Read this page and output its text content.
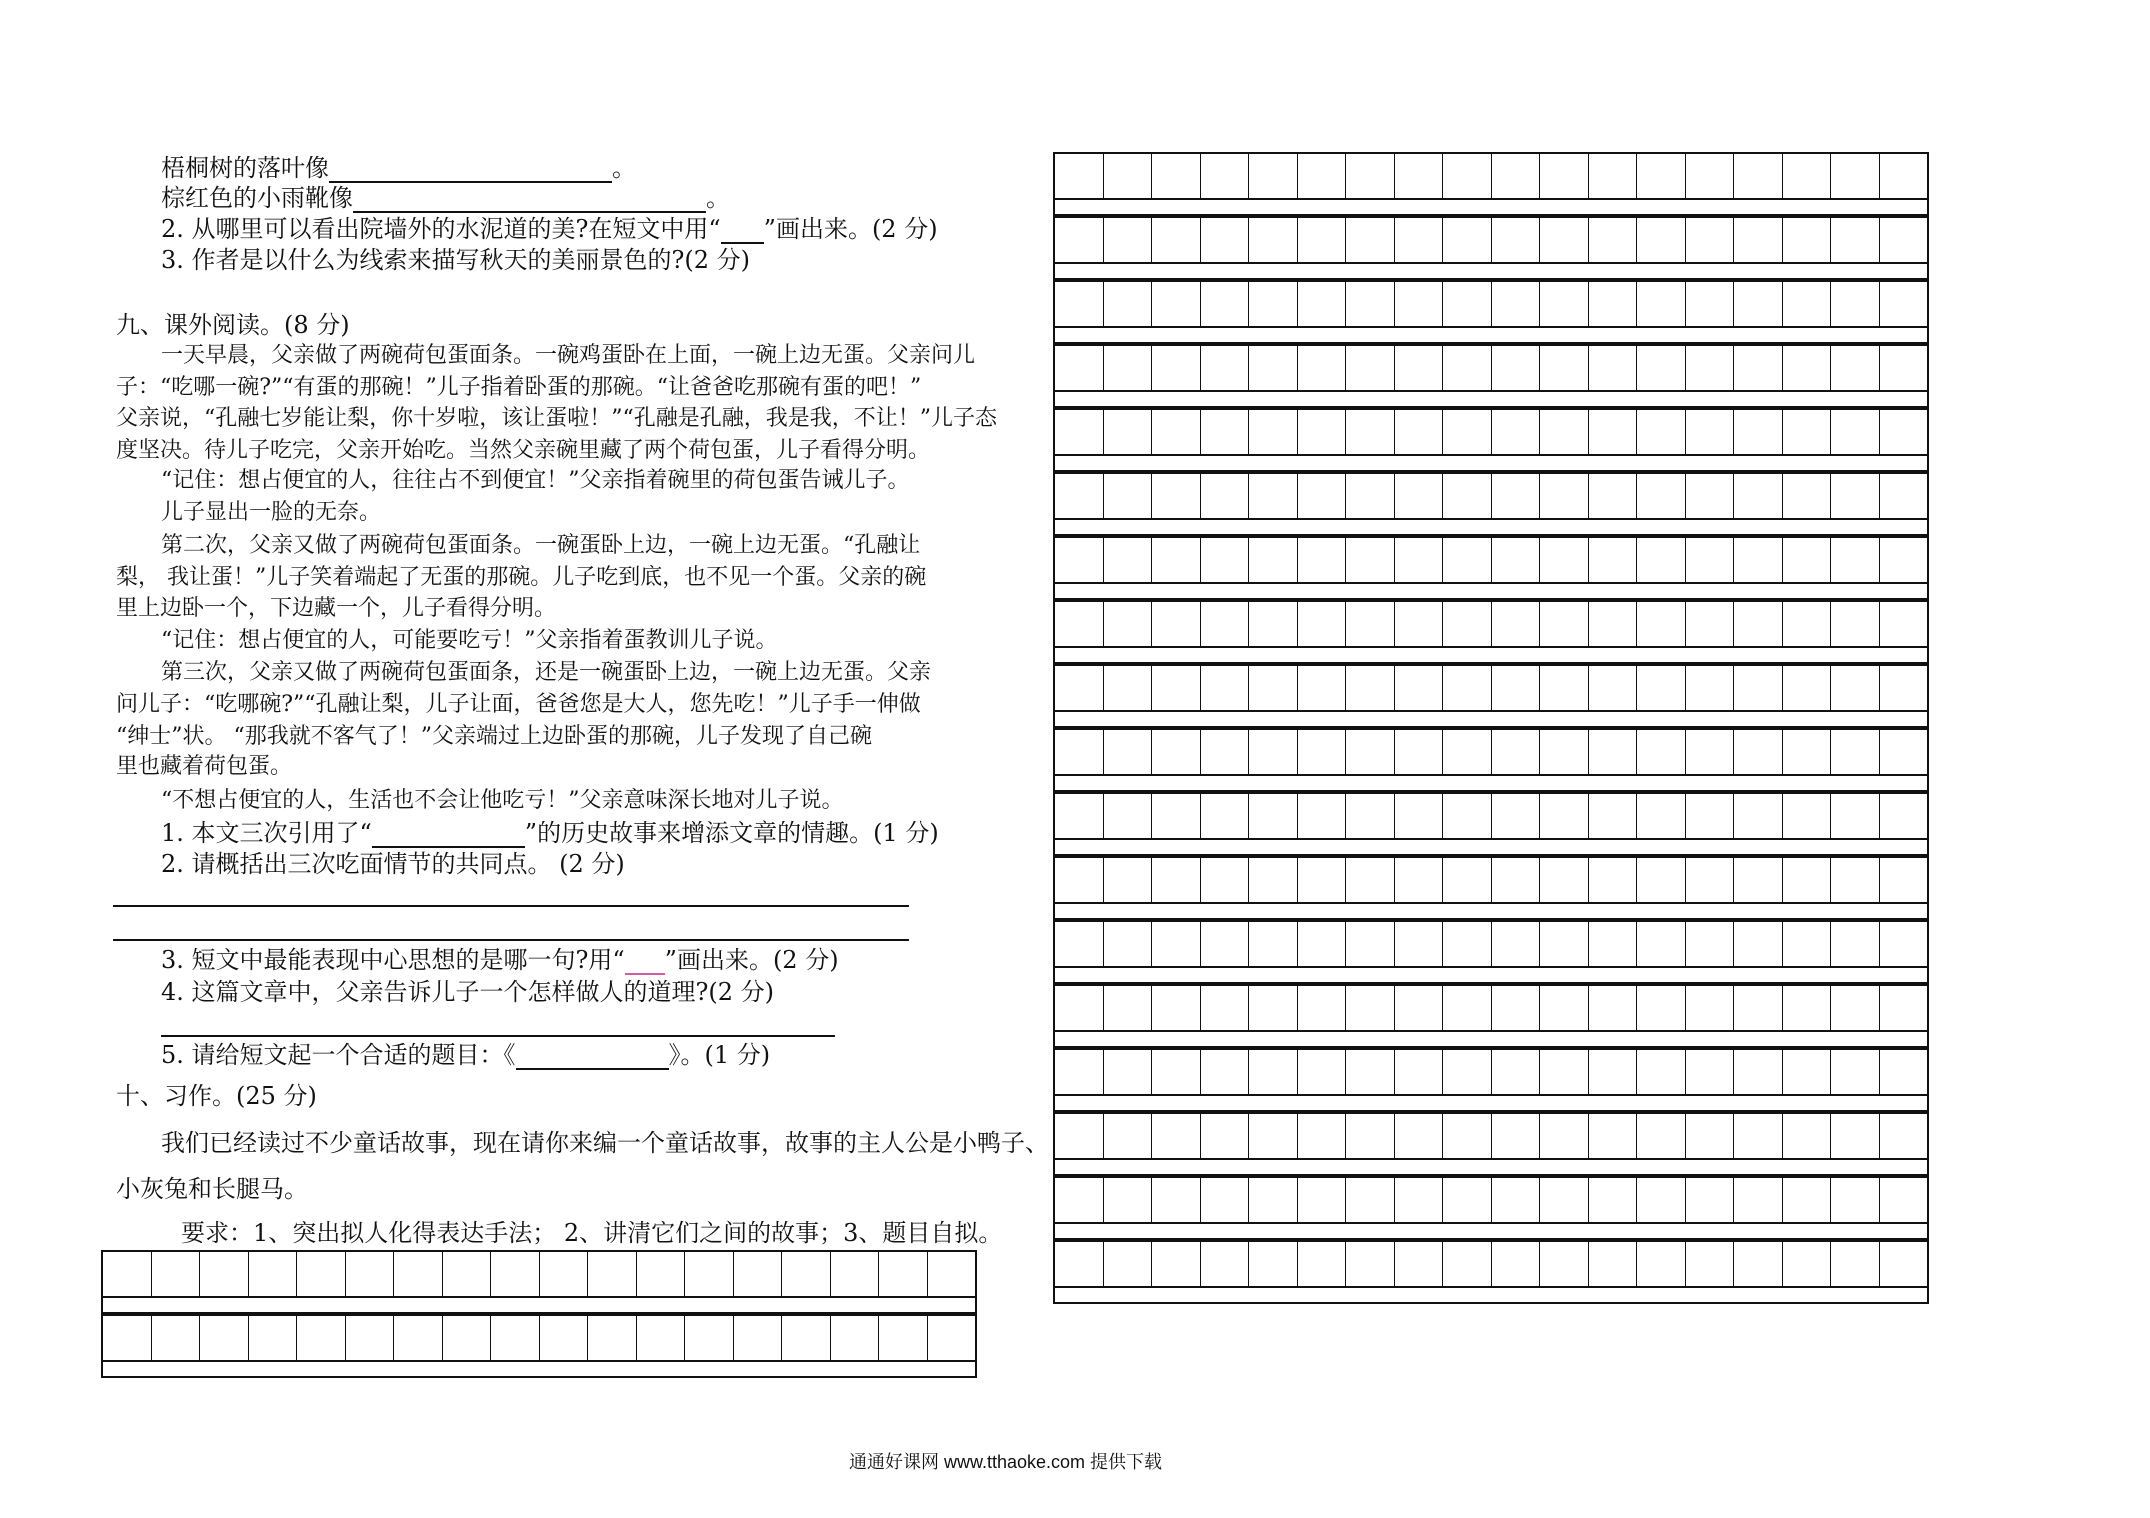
梧桐树的落叶像	。
棕红色的小雨靴像	。
2. 从哪里可以看出院墙外的水泥道的美?在短文中用“ ”画出来。(2 分)
3. 作者是以什么为线索来描写秋天的美丽景色的?(2 分)
九、课外阅读。(8 分)
一天早晨，父亲做了两碗荷包蛋面条。一碗鸡蛋卧在上面，一碗上边无蛋。父亲问儿
子：“吃哪一碗?”“有蛋的那碗！”儿子指着卧蛋的那碗。“让爸爸吃那碗有蛋的吧！”
父亲说，“孔融七岁能让梨，你十岁啦，该让蛋啦！”“孔融是孔融，我是我，不让！”儿子态
度坚决。待儿子吃完，父亲开始吃。当然父亲碗里藏了两个荷包蛋，儿子看得分明。
“记住：想占便宜的人，往往占不到便宜！”父亲指着碗里的荷包蛋告诫儿子。
儿子显出一脸的无奈。
第二次，父亲又做了两碗荷包蛋面条。一碗蛋卧上边，一碗上边无蛋。“孔融让
梨， 我让蛋！”儿子笑着端起了无蛋的那碗。儿子吃到底，也不见一个蛋。父亲的碗
里上边卧一个，下边藏一个，儿子看得分明。
“记住：想占便宜的人，可能要吃亏！”父亲指着蛋教训儿子说。
第三次，父亲又做了两碗荷包蛋面条，还是一碗蛋卧上边，一碗上边无蛋。父亲
问儿子：“吃哪碗?”“孔融让梨，儿子让面，爸爸您是大人，您先吃！”儿子手一伸做
“绅士”状。 “那我就不客气了！”父亲端过上边卧蛋的那碗，儿子发现了自己碗
里也藏着荷包蛋。
“不想占便宜的人，生活也不会让他吃亏！”父亲意味深长地对儿子说。
1. 本文三次引用了“	”的历史故事来增添文章的情趣。(1 分)
2. 请概括出三次吃面情节的共同点。 (2 分)
3. 短文中最能表现中心思想的是哪一句?用“ ”画出来。(2 分)
4. 这篇文章中，父亲告诉儿子一个怎样做人的道理?(2 分)
5. 请给短文起一个合适的题目：《	》。(1 分)
十、习作。(25 分)
我们已经读过不少童话故事，现在请你来编一个童话故事，故事的主人公是小鸭子、
小灰兔和长腿马。
要求：1、突出拟人化得表达手法； 2、讲清它们之间的故事；3、题目自拟。
通通好课网 www.tthaoke.com 提供下载
